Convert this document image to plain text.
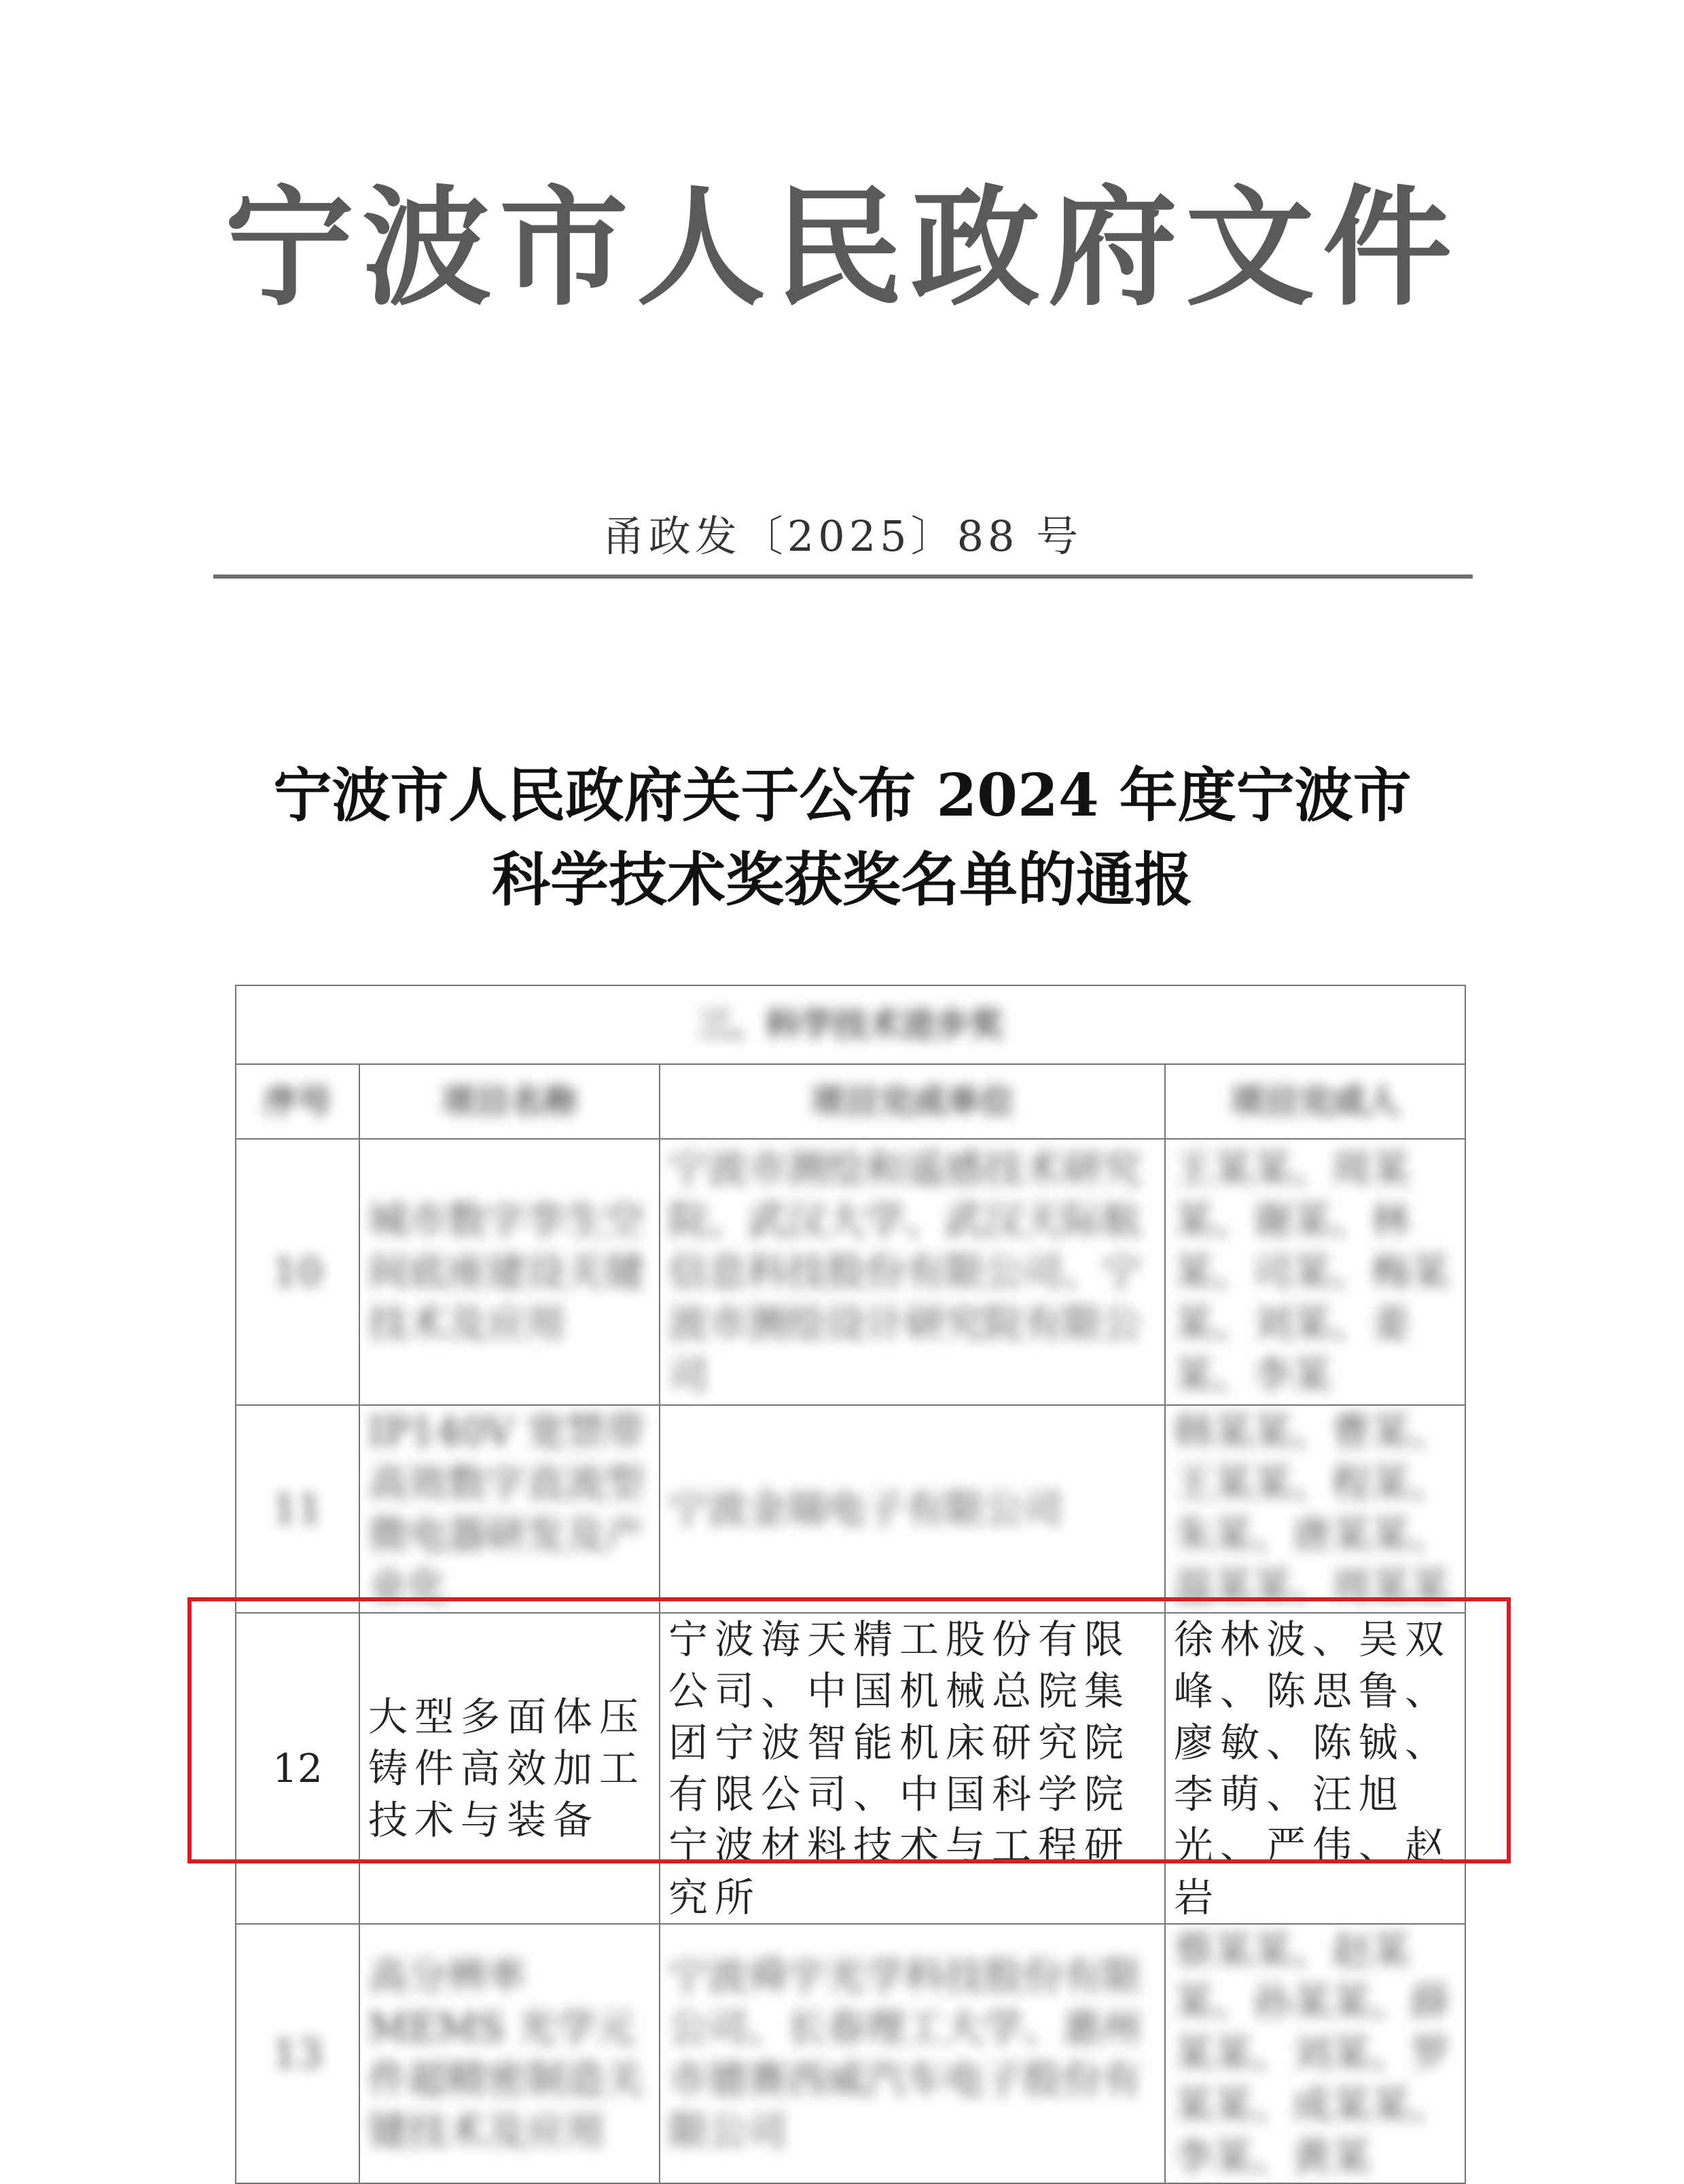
宁波市人民政府文件
甬政发〔2025〕88 号
宁波市人民政府关于公布 2024 年度宁波市
科学技术奖获奖名单的通报
三、科学技术进步奖			
序号	项目名称	项目完成单位	项目完成人
10	城市数字孪生空间底座建设关键技术及应用	宁波市测绘和遥感技术研究院、武汉大学、武汉天际航信息科技股份有限公司、宁波市测绘设计研究院有限公司	王某某、周某某、谢某、林某、司某、梅某某、刘某、姜某、李某
11	IP140V 宽禁带高效数字直流型微电器研发及产业化	宁波金瑞电子有限公司	韩某某、曹某、王某某、程某、朱某、唐某某、温某某、周某某
12	大型多面体压铸件高效加工技术与装备	宁波海天精工股份有限公司、中国机械总院集团宁波智能机床研究院有限公司、中国科学院宁波材料技术与工程研究所	徐林波、吴双峰、陈思鲁、廖敏、陈铖、李萌、汪旭光、严伟、赵岩
13	高分辨率 MEMS 光学元件超精密制造关键技术及应用	宁波舜宇光学科技股份有限公司、长春理工大学、惠州市德赛西威汽车电子股份有限公司	蔡某某、赵某某、孙某某、薛某某、刘某、罗某某、成某某、李某、黄某
